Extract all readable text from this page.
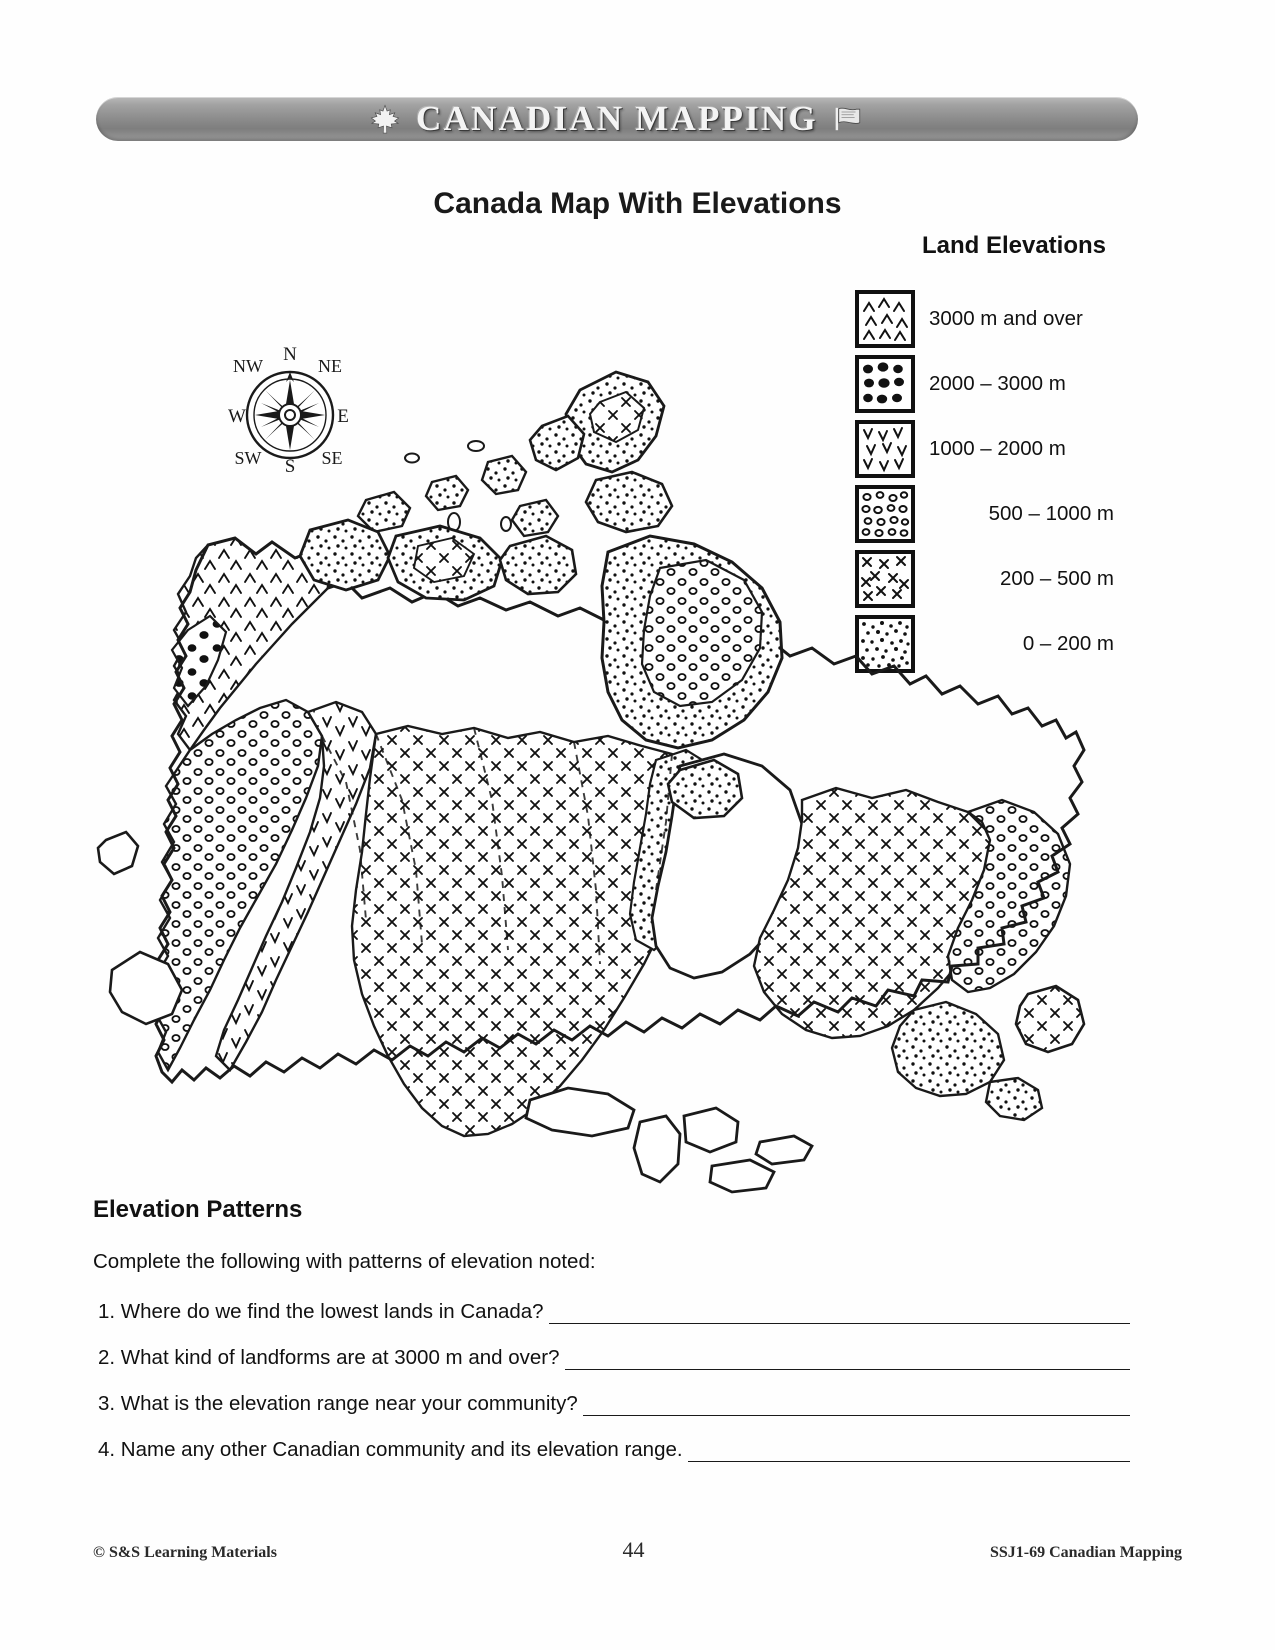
CANADIAN MAPPING
Canada Map With Elevations
Land Elevations
3000 m and over
2000 – 3000 m
1000 – 2000 m
500 – 1000 m
200 – 500 m
0 – 200 m
N
S
E
W
NE
NW
SE
SW
Elevation Patterns

Complete the following with patterns of elevation noted:

1. Where do we find the lowest lands in Canada?
2. What kind of landforms are at 3000 m and over?
3. What is the elevation range near your community?
4. Name any other Canadian community and its elevation range.
© S&S Learning Materials	44	SSJ1-69 Canadian Mapping
